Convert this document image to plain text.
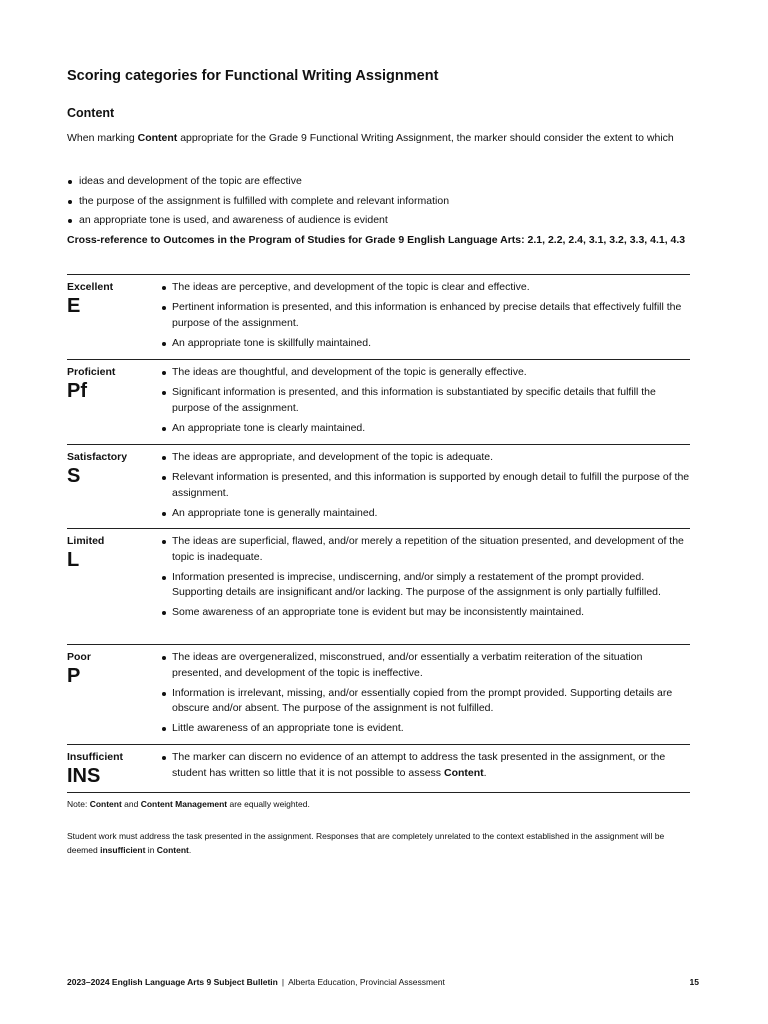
Scoring categories for Functional Writing Assignment
Content

When marking Content appropriate for the Grade 9 Functional Writing Assignment, the marker should consider the extent to which

ideas and development of the topic are effective
the purpose of the assignment is fulfilled with complete and relevant information
an appropriate tone is used, and awareness of audience is evident

Cross-reference to Outcomes in the Program of Studies for Grade 9 English Language Arts: 2.1, 2.2, 2.4, 3.1, 3.2, 3.3, 4.1, 4.3

Excellent
E
The ideas are perceptive, and development of the topic is clear and effective.
Pertinent information is presented, and this information is enhanced by precise details that effectively fulfill the purpose of the assignment.
An appropriate tone is skillfully maintained.
Proficient
Pf
The ideas are thoughtful, and development of the topic is generally effective.
Significant information is presented, and this information is substantiated by specific details that fulfill the purpose of the assignment.
An appropriate tone is clearly maintained.
Satisfactory
S
The ideas are appropriate, and development of the topic is adequate.
Relevant information is presented, and this information is supported by enough detail to fulfill the purpose of the assignment.
An appropriate tone is generally maintained.
Limited
L
The ideas are superficial, flawed, and/or merely a repetition of the situation presented, and development of the topic is inadequate.
Information presented is imprecise, undiscerning, and/or simply a restatement of the prompt provided. Supporting details are insignificant and/or lacking. The purpose of the assignment is only partially fulfilled.
Some awareness of an appropriate tone is evident but may be inconsistently maintained.
Poor
P
The ideas are overgeneralized, misconstrued, and/or essentially a verbatim reiteration of the situation presented, and development of the topic is ineffective.
Information is irrelevant, missing, and/or essentially copied from the prompt provided. Supporting details are obscure and/or absent. The purpose of the assignment is not fulfilled.
Little awareness of an appropriate tone is evident.
Insufficient
INS
The marker can discern no evidence of an attempt to address the task presented in the assignment, or the student has written so little that it is not possible to assess Content.

Note: Content and Content Management are equally weighted.

Student work must address the task presented in the assignment. Responses that are completely unrelated to the context established in the assignment will be deemed insufficient in Content.

2023–2024 English Language Arts 9 Subject Bulletin | Alberta Education, Provincial Assessment	15
